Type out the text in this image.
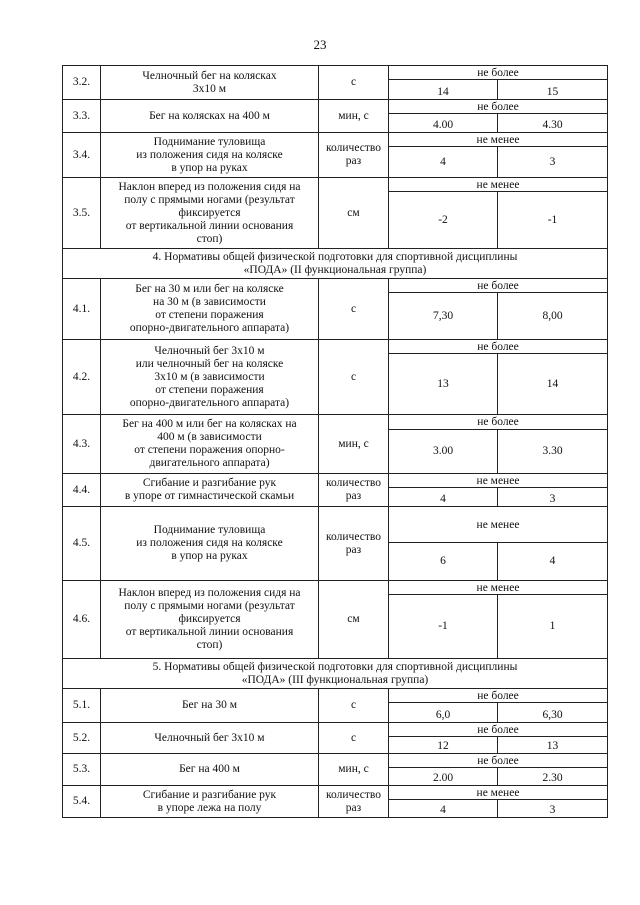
23
3.2.	Челночный бег на колясках
3х10 м	с	не более	
			14	15
3.3.	Бег на колясках на 400 м	мин, с	не более	
			4.00	4.30
3.4.	Поднимание туловища
из положения сидя на коляске
в упор на руках	количество
раз	не менее	
			4	3
3.5.	Наклон вперед из положения сидя на
полу с прямыми ногами (результат
фиксируется
от вертикальной линии основания
стоп)	см	не менее	
			-2	-1
4. Нормативы общей физической подготовки для спортивной дисциплины
«ПОДА» (II функциональная группа)				
4.1.	Бег на 30 м или бег на коляске
на 30 м (в зависимости
от степени поражения
опорно-двигательного аппарата)	с	не более	
			7,30	8,00
4.2.	Челночный бег 3х10 м
или челночный бег на коляске
3х10 м (в зависимости
от степени поражения
опорно-двигательного аппарата)	с	не более	
			13	14
4.3.	Бег на 400 м или бег на колясках на
400 м (в зависимости
от степени поражения опорно-
двигательного аппарата)	мин, с	не более	
			3.00	3.30
4.4.	Сгибание и разгибание рук
в упоре от гимнастической скамьи	количество
раз	не менее	
			4	3
4.5.	Поднимание туловища
из положения сидя на коляске
в упор на руках	количество
раз	не менее	
			6	4
4.6.	Наклон вперед из положения сидя на
полу с прямыми ногами (результат
фиксируется
от вертикальной линии основания
стоп)	см	не менее	
			-1	1
5. Нормативы общей физической подготовки для спортивной дисциплины
«ПОДА» (III функциональная группа)				
5.1.	Бег на 30 м	с	не более	
			6,0	6,30
5.2.	Челночный бег 3х10 м	с	не более	
			12	13
5.3.	Бег на 400 м	мин, с	не более	
			2.00	2.30
5.4.	Сгибание и разгибание рук
в упоре лежа на полу	количество
раз	не менее	
			4	3
